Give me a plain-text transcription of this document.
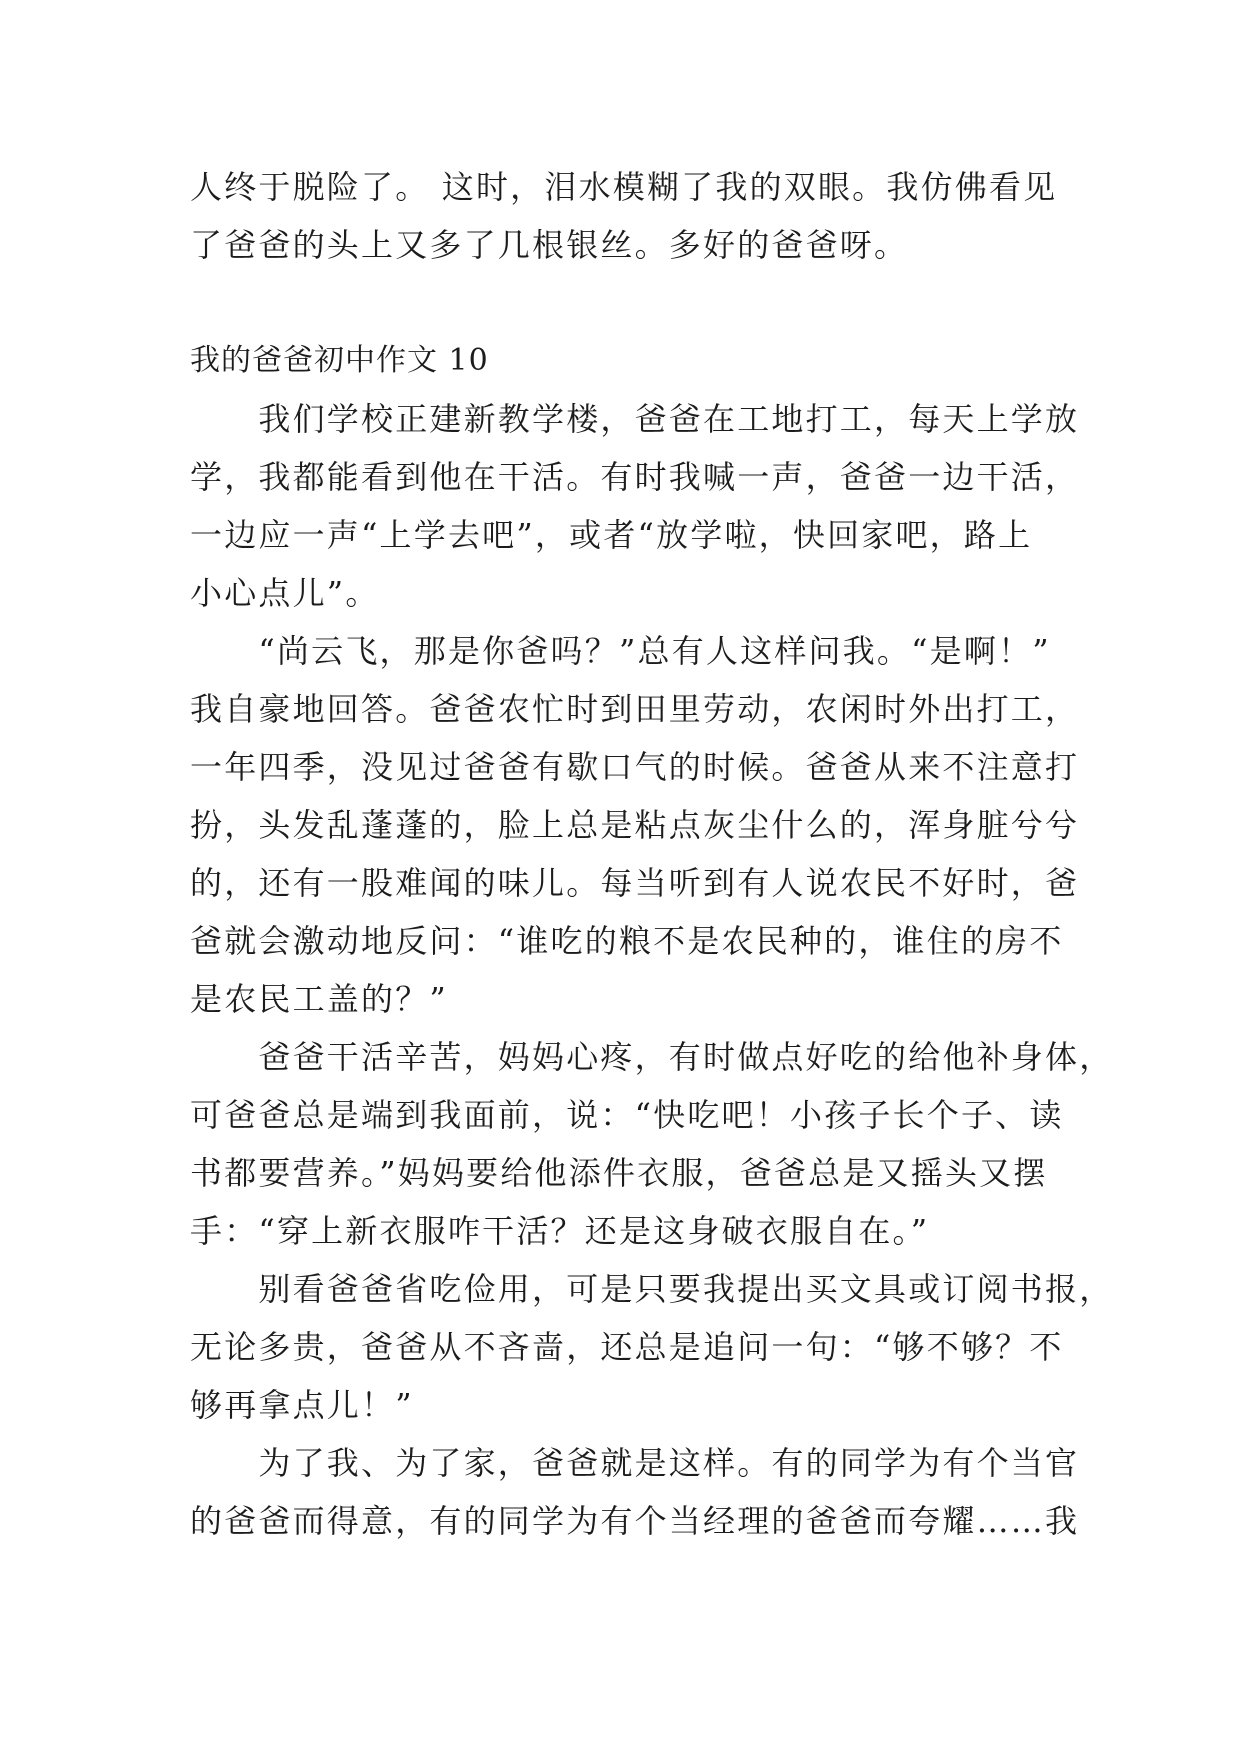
人终于脱险了。 这时，泪水模糊了我的双眼。我仿佛看见
了爸爸的头上又多了几根银丝。多好的爸爸呀。
我的爸爸初中作文 10
　　我们学校正建新教学楼，爸爸在工地打工，每天上学放
学，我都能看到他在干活。有时我喊一声，爸爸一边干活，
一边应一声“上学去吧”，或者“放学啦，快回家吧，路上
小心点儿”。
　　“尚云飞，那是你爸吗？”总有人这样问我。“是啊！”
我自豪地回答。爸爸农忙时到田里劳动，农闲时外出打工，
一年四季，没见过爸爸有歇口气的时候。爸爸从来不注意打
扮，头发乱蓬蓬的，脸上总是粘点灰尘什么的，浑身脏兮兮
的，还有一股难闻的味儿。每当听到有人说农民不好时，爸
爸就会激动地反问：“谁吃的粮不是农民种的，谁住的房不
是农民工盖的？”
　　爸爸干活辛苦，妈妈心疼，有时做点好吃的给他补身体，
可爸爸总是端到我面前，说：“快吃吧！小孩子长个子、读
书都要营养。”妈妈要给他添件衣服，爸爸总是又摇头又摆
手：“穿上新衣服咋干活？还是这身破衣服自在。”
　　别看爸爸省吃俭用，可是只要我提出买文具或订阅书报，
无论多贵，爸爸从不吝啬，还总是追问一句：“够不够？不
够再拿点儿！”
　　为了我、为了家，爸爸就是这样。有的同学为有个当官
的爸爸而得意，有的同学为有个当经理的爸爸而夸耀……我
